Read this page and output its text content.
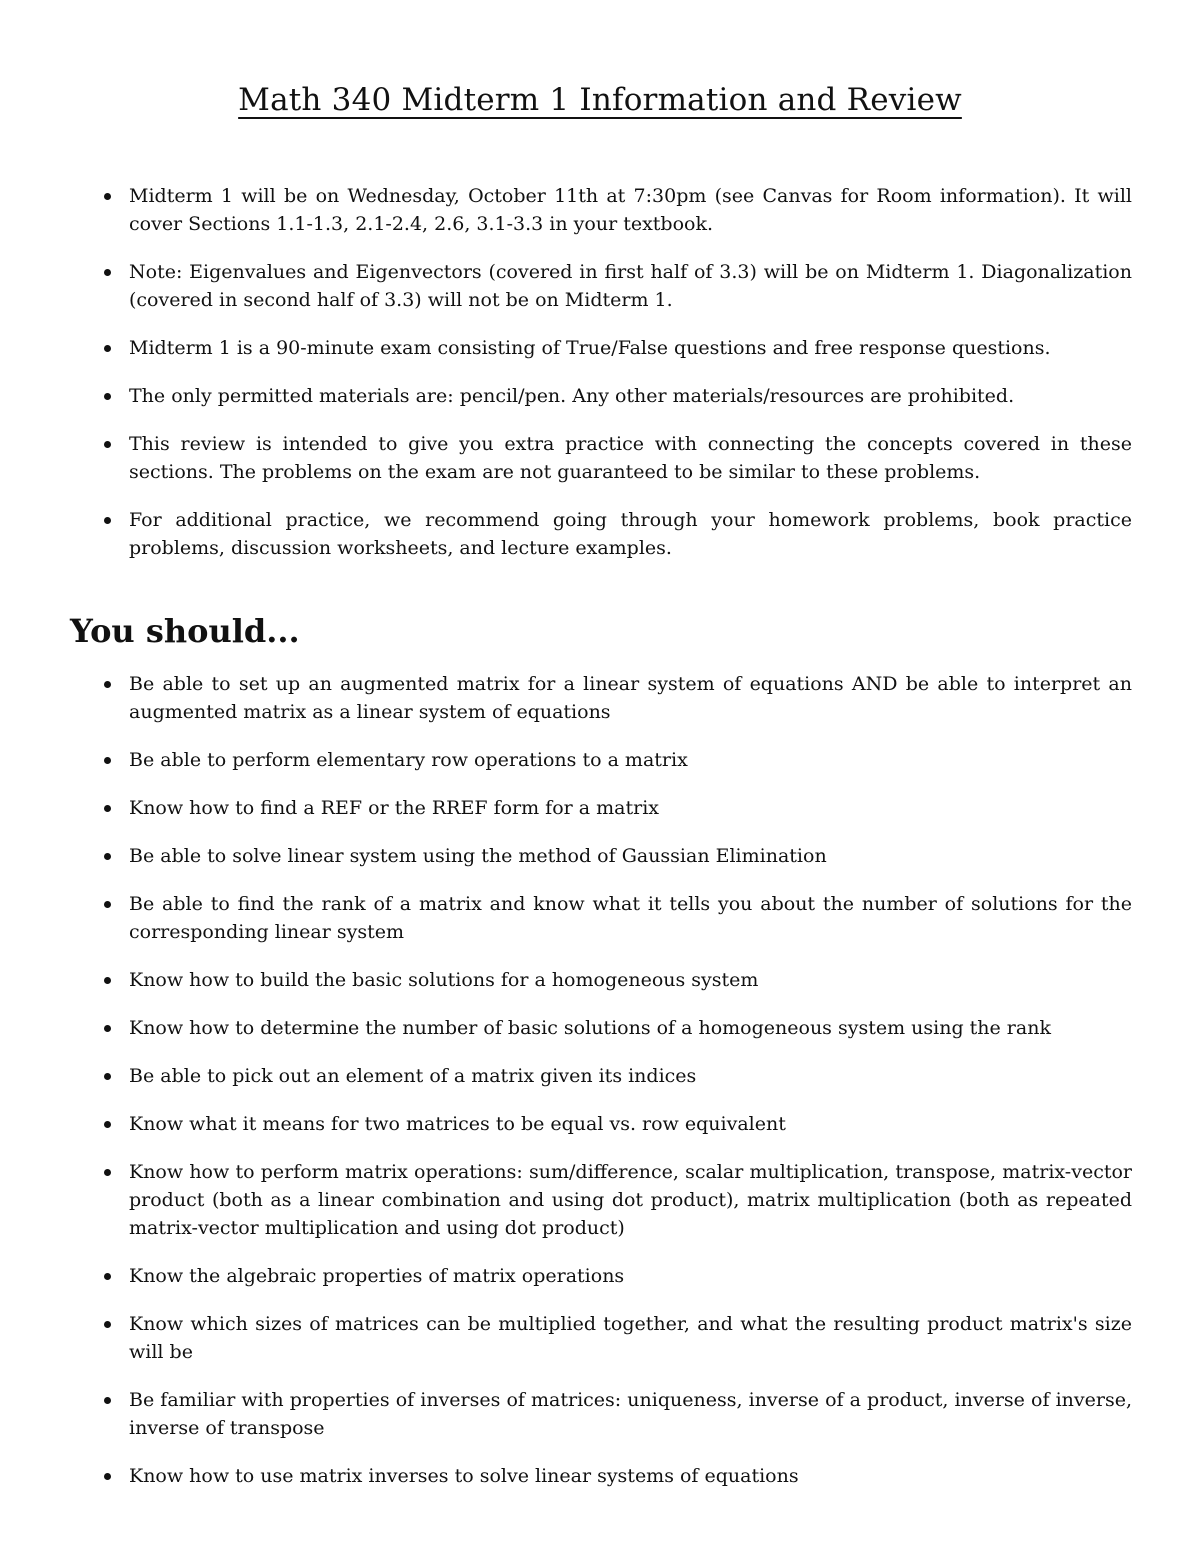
Math 340 Midterm 1 Information and Review
Midterm 1 will be on Wednesday, October 11th at 7:30pm (see Canvas for Room information). It will cover Sections 1.1-1.3, 2.1-2.4, 2.6, 3.1-3.3 in your textbook.
Note: Eigenvalues and Eigenvectors (covered in first half of 3.3) will be on Midterm 1. Diagonalization (covered in second half of 3.3) will not be on Midterm 1.
Midterm 1 is a 90-minute exam consisting of True/False questions and free response questions.
The only permitted materials are: pencil/pen. Any other materials/resources are prohibited.
This review is intended to give you extra practice with connecting the concepts covered in these sections. The problems on the exam are not guaranteed to be similar to these problems.
For additional practice, we recommend going through your homework problems, book practice problems, discussion worksheets, and lecture examples.
You should...
Be able to set up an augmented matrix for a linear system of equations AND be able to interpret an augmented matrix as a linear system of equations
Be able to perform elementary row operations to a matrix
Know how to find a REF or the RREF form for a matrix
Be able to solve linear system using the method of Gaussian Elimination
Be able to find the rank of a matrix and know what it tells you about the number of solutions for the corresponding linear system
Know how to build the basic solutions for a homogeneous system
Know how to determine the number of basic solutions of a homogeneous system using the rank
Be able to pick out an element of a matrix given its indices
Know what it means for two matrices to be equal vs. row equivalent
Know how to perform matrix operations: sum/difference, scalar multiplication, transpose, matrix-vector product (both as a linear combination and using dot product), matrix multiplication (both as repeated matrix-vector multiplication and using dot product)
Know the algebraic properties of matrix operations
Know which sizes of matrices can be multiplied together, and what the resulting product matrix's size will be
Be familiar with properties of inverses of matrices: uniqueness, inverse of a product, inverse of inverse, inverse of transpose
Know how to use matrix inverses to solve linear systems of equations
